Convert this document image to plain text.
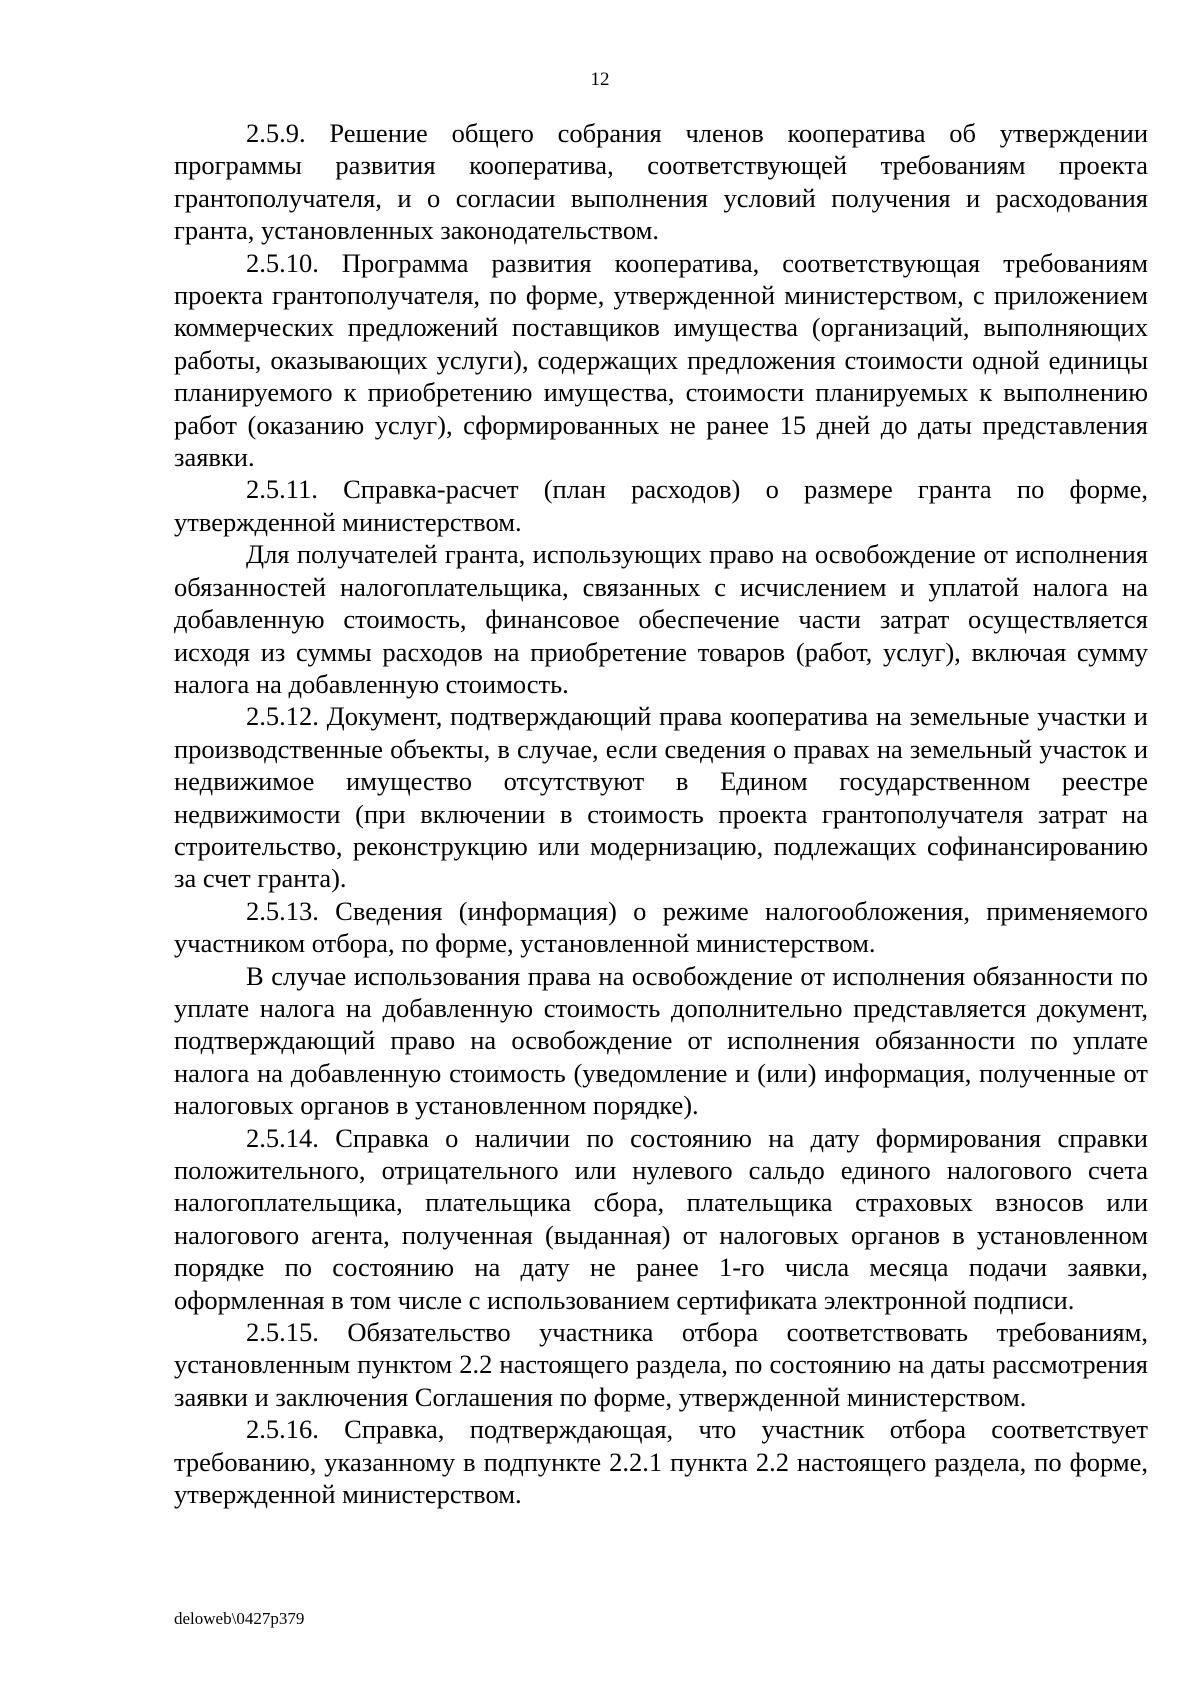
12

2.5.9. Решение общего собрания членов кооператива об утверждении программы развития кооператива, соответствующей требованиям проекта грантополучателя, и о согласии выполнения условий получения и расходования гранта, установленных законодательством.

2.5.10. Программа развития кооператива, соответствующая требованиям проекта грантополучателя, по форме, утвержденной министерством, с приложением коммерческих предложений поставщиков имущества (организаций, выполняющих работы, оказывающих услуги), содержащих предложения стоимости одной единицы планируемого к приобретению имущества, стоимости планируемых к выполнению работ (оказанию услуг), сформированных не ранее 15 дней до даты представления заявки.

2.5.11. Справка-расчет (план расходов) о размере гранта по форме, утвержденной министерством.

Для получателей гранта, использующих право на освобождение от исполнения обязанностей налогоплательщика, связанных с исчислением и уплатой налога на добавленную стоимость, финансовое обеспечение части затрат осуществляется исходя из суммы расходов на приобретение товаров (работ, услуг), включая сумму налога на добавленную стоимость.

2.5.12. Документ, подтверждающий права кооператива на земельные участки и производственные объекты, в случае, если сведения о правах на земельный участок и недвижимое имущество отсутствуют в Едином государственном реестре недвижимости (при включении в стоимость проекта грантополучателя затрат на строительство, реконструкцию или модернизацию, подлежащих софинансированию за счет гранта).

2.5.13. Сведения (информация) о режиме налогообложения, применяемого участником отбора, по форме, установленной министерством.

В случае использования права на освобождение от исполнения обязанности по уплате налога на добавленную стоимость дополнительно представляется документ, подтверждающий право на освобождение от исполнения обязанности по уплате налога на добавленную стоимость (уведомление и (или) информация, полученные от налоговых органов в установленном порядке).

2.5.14. Справка о наличии по состоянию на дату формирования справки положительного, отрицательного или нулевого сальдо единого налогового счета налогоплательщика, плательщика сбора, плательщика страховых взносов или налогового агента, полученная (выданная) от налоговых органов в установленном порядке по состоянию на дату не ранее 1-го числа месяца подачи заявки, оформленная в том числе с использованием сертификата электронной подписи.

2.5.15. Обязательство участника отбора соответствовать требованиям, установленным пунктом 2.2 настоящего раздела, по состоянию на даты рассмотрения заявки и заключения Соглашения по форме, утвержденной министерством.

2.5.16. Справка, подтверждающая, что участник отбора соответствует требованию, указанному в подпункте 2.2.1 пункта 2.2 настоящего раздела, по форме, утвержденной министерством.

deloweb\0427p379
